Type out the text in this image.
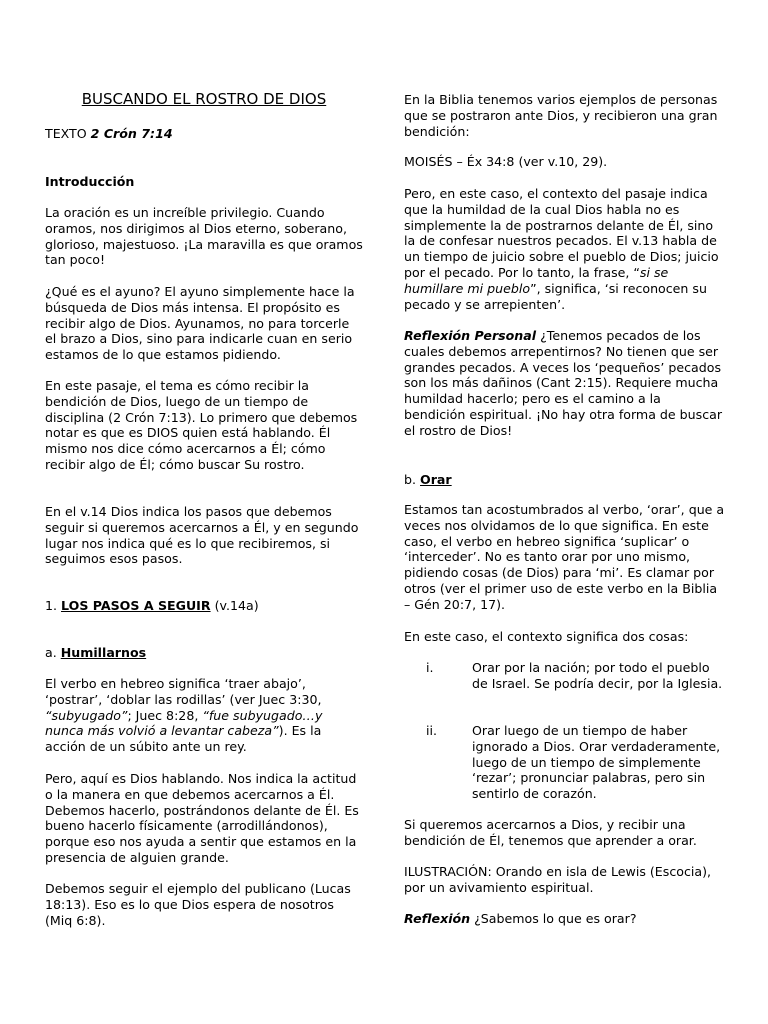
BUSCANDO EL ROSTRO DE DIOS

TEXTO 2 Crón 7:14

Introducción

La oración es un increíble privilegio. Cuando oramos, nos dirigimos al Dios eterno, soberano, glorioso, majestuoso. ¡La maravilla es que oramos tan poco!

¿Qué es el ayuno? El ayuno simplemente hace la búsqueda de Dios más intensa. El propósito es recibir algo de Dios. Ayunamos, no para torcerle el brazo a Dios, sino para indicarle cuan en serio estamos de lo que estamos pidiendo.

En este pasaje, el tema es cómo recibir la bendición de Dios, luego de un tiempo de disciplina (2 Crón 7:13). Lo primero que debemos notar es que es DIOS quien está hablando. Él mismo nos dice cómo acercarnos a Él; cómo recibir algo de Él; cómo buscar Su rostro.

En el v.14 Dios indica los pasos que debemos seguir si queremos acercarnos a Él, y en segundo lugar nos indica qué es lo que recibiremos, si seguimos esos pasos.

1. LOS PASOS A SEGUIR (v.14a)

a. Humillarnos

El verbo en hebreo significa ‘traer abajo’, ‘postrar’, ‘doblar las rodillas’ (ver Juec 3:30, “subyugado”; Juec 8:28, “fue subyugado…y nunca más volvió a levantar cabeza”). Es la acción de un súbito ante un rey.

Pero, aquí es Dios hablando. Nos indica la actitud o la manera en que debemos acercarnos a Él. Debemos hacerlo, postrándonos delante de Él. Es bueno hacerlo físicamente (arrodillándonos), porque eso nos ayuda a sentir que estamos en la presencia de alguien grande.

Debemos seguir el ejemplo del publicano (Lucas 18:13). Eso es lo que Dios espera de nosotros (Miq 6:8).

En la Biblia tenemos varios ejemplos de personas que se postraron ante Dios, y recibieron una gran bendición:

MOISÉS – Éx 34:8 (ver v.10, 29).

Pero, en este caso, el contexto del pasaje indica que la humildad de la cual Dios habla no es simplemente la de postrarnos delante de Él, sino la de confesar nuestros pecados. El v.13 habla de un tiempo de juicio sobre el pueblo de Dios; juicio por el pecado. Por lo tanto, la frase, “si se humillare mi pueblo”, significa, ‘si reconocen su pecado y se arrepienten’.

Reflexión Personal ¿Tenemos pecados de los cuales debemos arrepentirnos? No tienen que ser grandes pecados. A veces los ‘pequeños’ pecados son los más dañinos (Cant 2:15). Requiere mucha humildad hacerlo; pero es el camino a la bendición espiritual. ¡No hay otra forma de buscar el rostro de Dios!

b. Orar

Estamos tan acostumbrados al verbo, ‘orar’, que a veces nos olvidamos de lo que significa. En este caso, el verbo en hebreo significa ‘suplicar’ o ‘interceder’. No es tanto orar por uno mismo, pidiendo cosas (de Dios) para ‘mi’. Es clamar por otros (ver el primer uso de este verbo en la Biblia – Gén 20:7, 17).

En este caso, el contexto significa dos cosas:

i.	Orar por la nación; por todo el pueblo de Israel. Se podría decir, por la Iglesia.
ii.	Orar luego de un tiempo de haber ignorado a Dios. Orar verdaderamente, luego de un tiempo de simplemente ‘rezar’; pronunciar palabras, pero sin sentirlo de corazón.

Si queremos acercarnos a Dios, y recibir una bendición de Él, tenemos que aprender a orar.

ILUSTRACIÓN: Orando en isla de Lewis (Escocia), por un avivamiento espiritual.

Reflexión ¿Sabemos lo que es orar?
